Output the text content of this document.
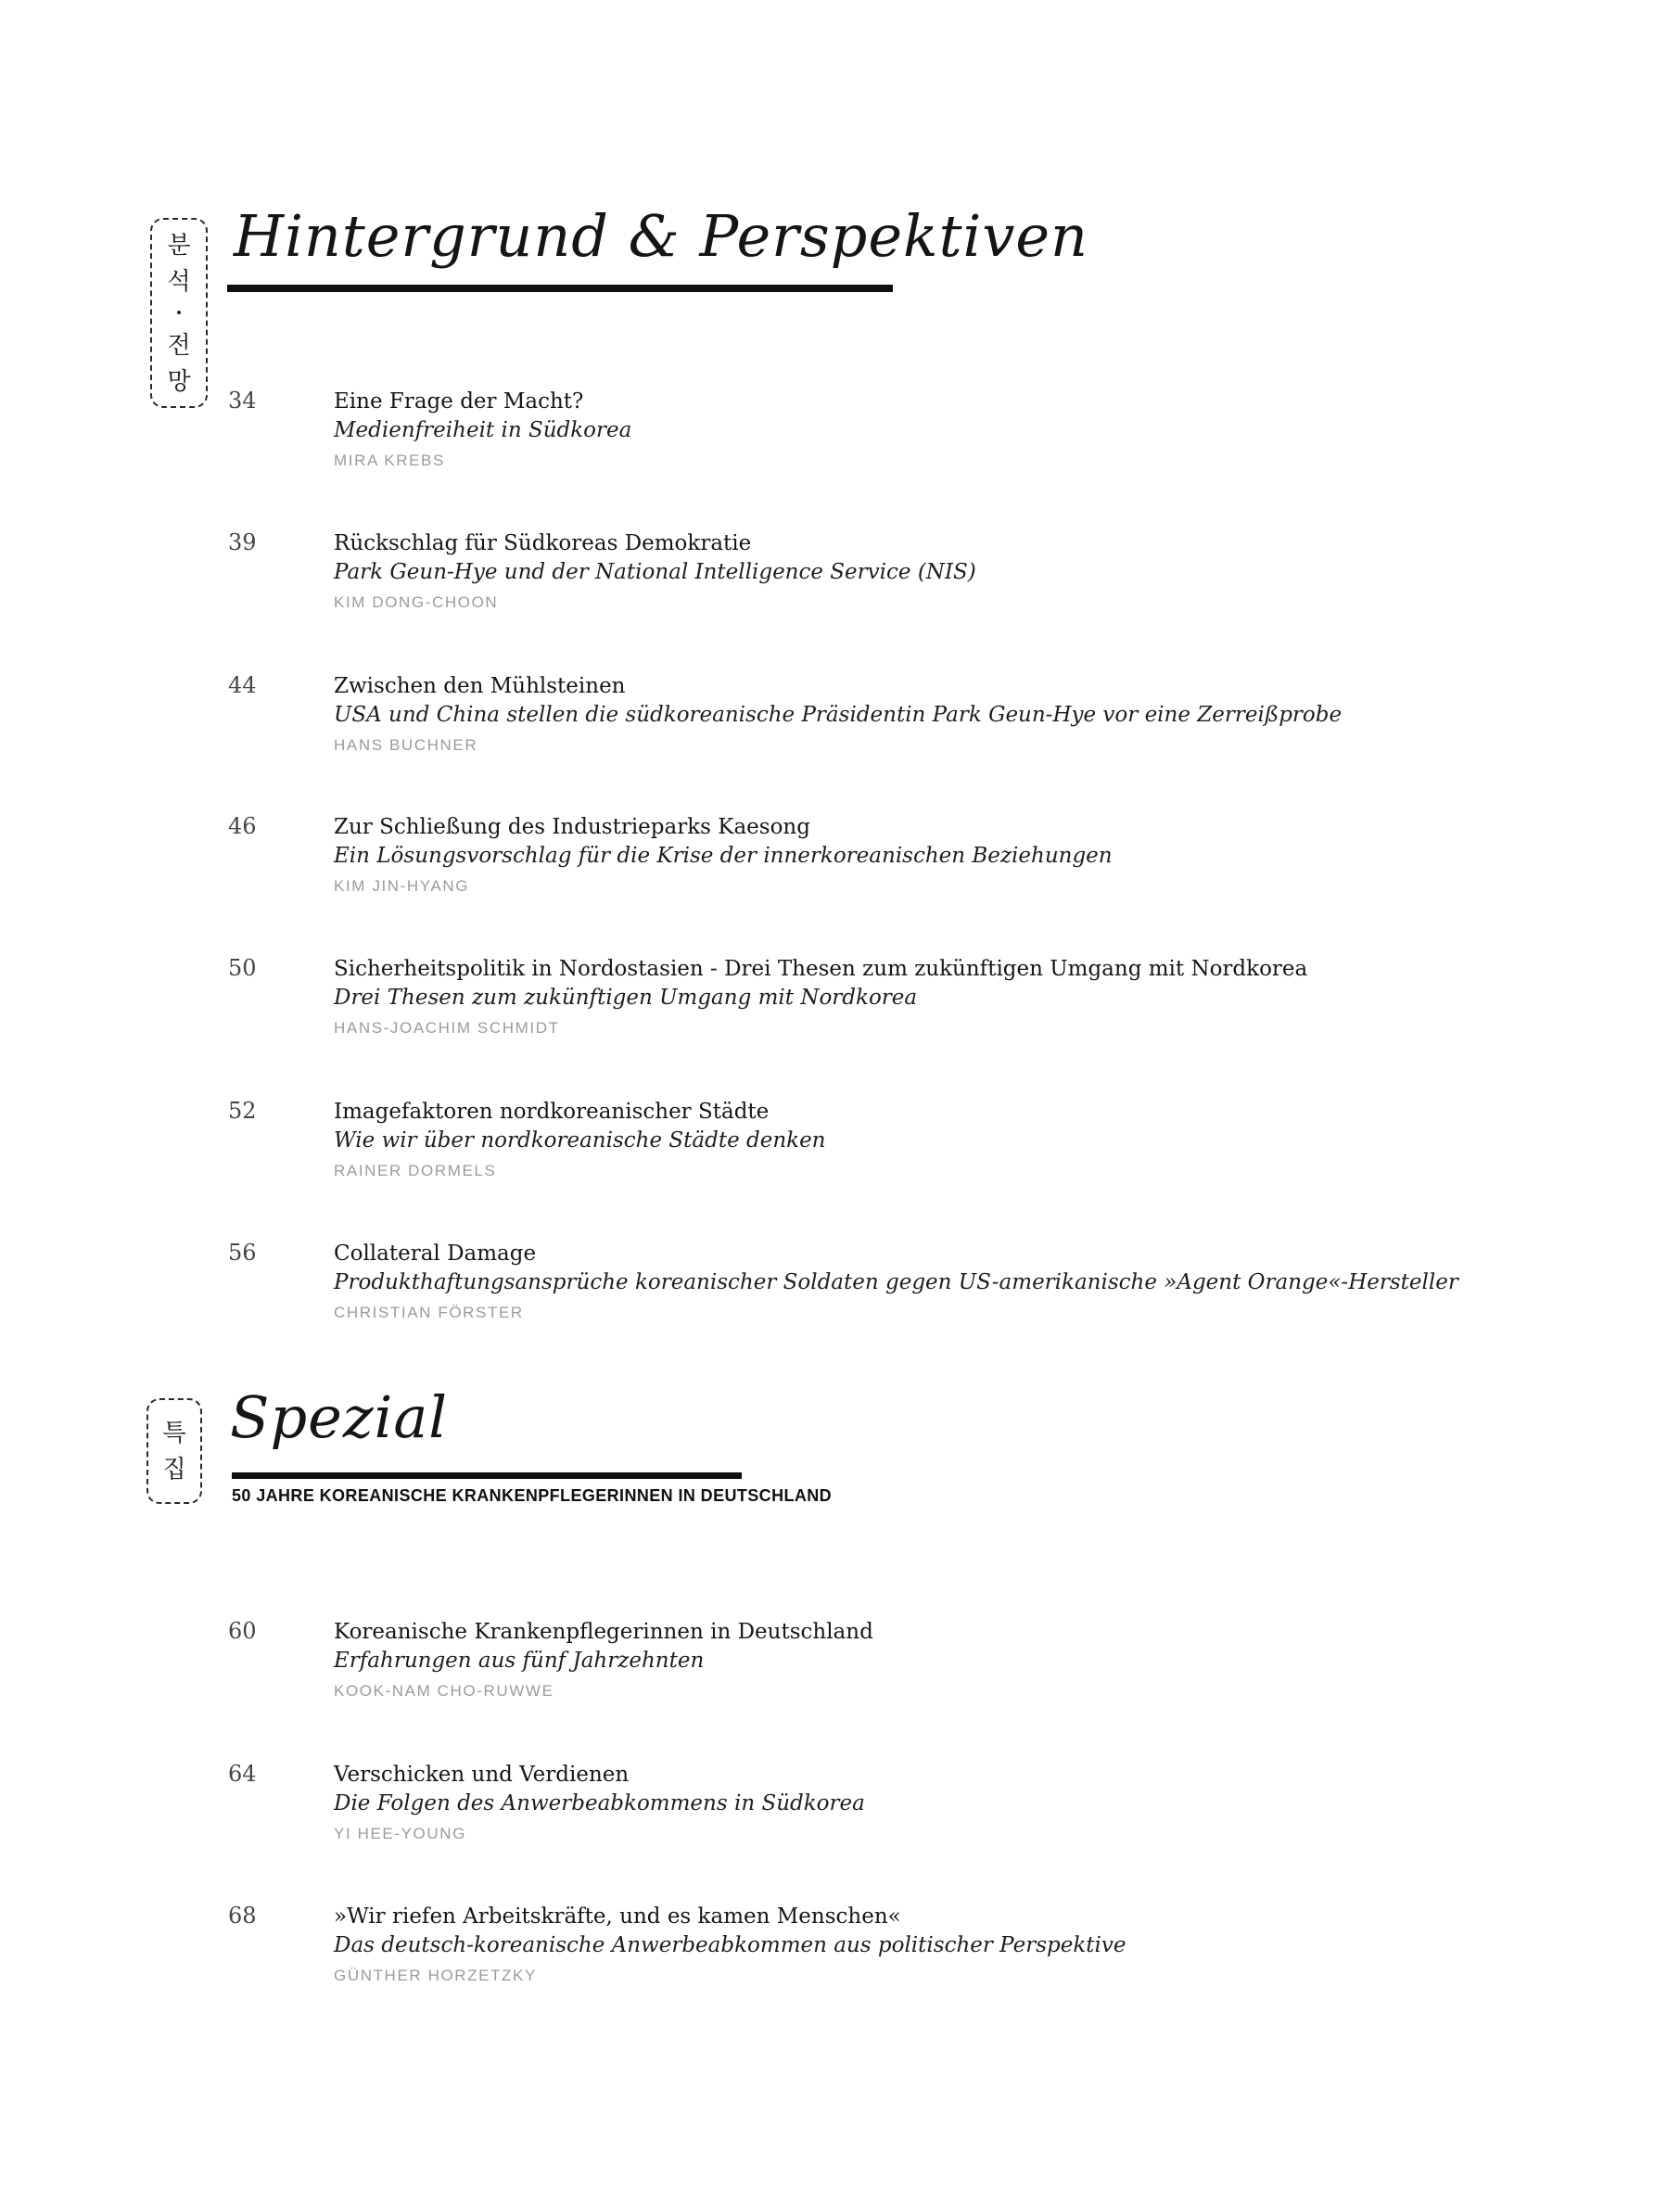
분
석
•
전
망
Hintergrund & Perspektiven
34	Eine Frage der Macht?
Medienfreiheit in Südkorea
MIRA KREBS
39	Rückschlag für Südkoreas Demokratie
Park Geun-Hye und der National Intelligence Service (NIS)
KIM DONG-CHOON
44	Zwischen den Mühlsteinen
USA und China stellen die südkoreanische Präsidentin Park Geun-Hye vor eine Zerreißprobe
HANS BUCHNER
46	Zur Schließung des Industrieparks Kaesong
Ein Lösungsvorschlag für die Krise der innerkoreanischen Beziehungen
KIM JIN-HYANG
50	Sicherheitspolitik in Nordostasien - Drei Thesen zum zukünftigen Umgang mit Nordkorea
Drei Thesen zum zukünftigen Umgang mit Nordkorea
HANS-JOACHIM SCHMIDT
52	Imagefaktoren nordkoreanischer Städte
Wie wir über nordkoreanische Städte denken
RAINER DORMELS
56	Collateral Damage
Produkthaftungsansprüche koreanischer Soldaten gegen US-amerikanische »Agent Orange«-Hersteller
CHRISTIAN FÖRSTER
특
집
Spezial
50 JAHRE KOREANISCHE KRANKENPFLEGERINNEN IN DEUTSCHLAND
60	Koreanische Krankenpflegerinnen in Deutschland
Erfahrungen aus fünf Jahrzehnten
KOOK-NAM CHO-RUWWE
64	Verschicken und Verdienen
Die Folgen des Anwerbeabkommens in Südkorea
YI HEE-YOUNG
68	»Wir riefen Arbeitskräfte, und es kamen Menschen«
Das deutsch-koreanische Anwerbeabkommen aus politischer Perspektive
GÜNTHER HORZETZKY
